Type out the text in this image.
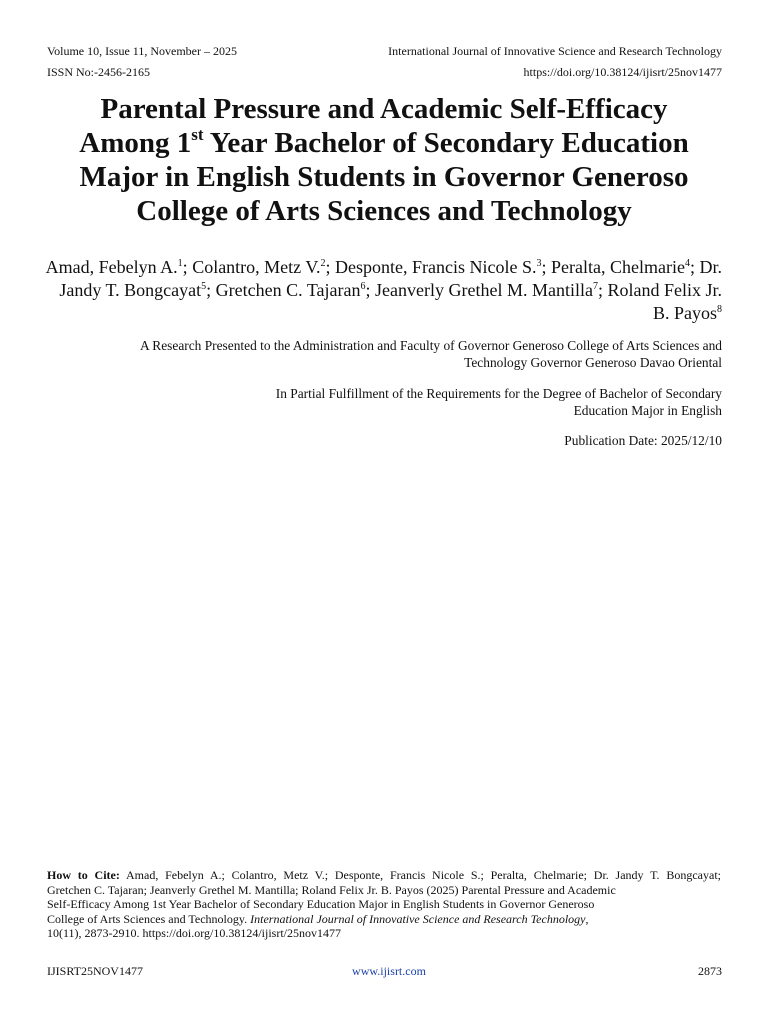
Volume 10, Issue 11, November – 2025	International Journal of Innovative Science and Research Technology
ISSN No:-2456-2165	https://doi.org/10.38124/ijisrt/25nov1477
Parental Pressure and Academic Self-Efficacy
Among 1st Year Bachelor of Secondary Education
Major in English Students in Governor Generoso
College of Arts Sciences and Technology
Amad, Febelyn A.$^1$; Colantro, Metz V.$^2$; Desponte, Francis Nicole S.$^3$; Peralta, Chelmarie$^4$; Dr. Jandy T. Bongcayat$^5$; Gretchen C. Tajaran$^6$; Jeanverly Grethel M. Mantilla$^7$; Roland Felix Jr. B. Payos$^8$
A Research Presented to the Administration and Faculty of Governor Generoso College of Arts Sciences and
Technology Governor Generoso Davao Oriental
In Partial Fulfillment of the Requirements for the Degree of Bachelor of Secondary
Education Major in English
Publication Date: 2025/12/10
How to Cite: Amad, Febelyn A.; Colantro, Metz V.; Desponte, Francis Nicole S.; Peralta, Chelmarie; Dr. Jandy T. Bongcayat;
Gretchen C. Tajaran; Jeanverly Grethel M. Mantilla; Roland Felix Jr. B. Payos (2025) Parental Pressure and Academic
Self-Efficacy Among 1st Year Bachelor of Secondary Education Major in English Students in Governor Generoso
College of Arts Sciences and Technology. International Journal of Innovative Science and Research Technology,
10(11), 2873-2910. https://doi.org/10.38124/ijisrt/25nov1477
IJISRT25NOV1477	www.ijisrt.com	2873
